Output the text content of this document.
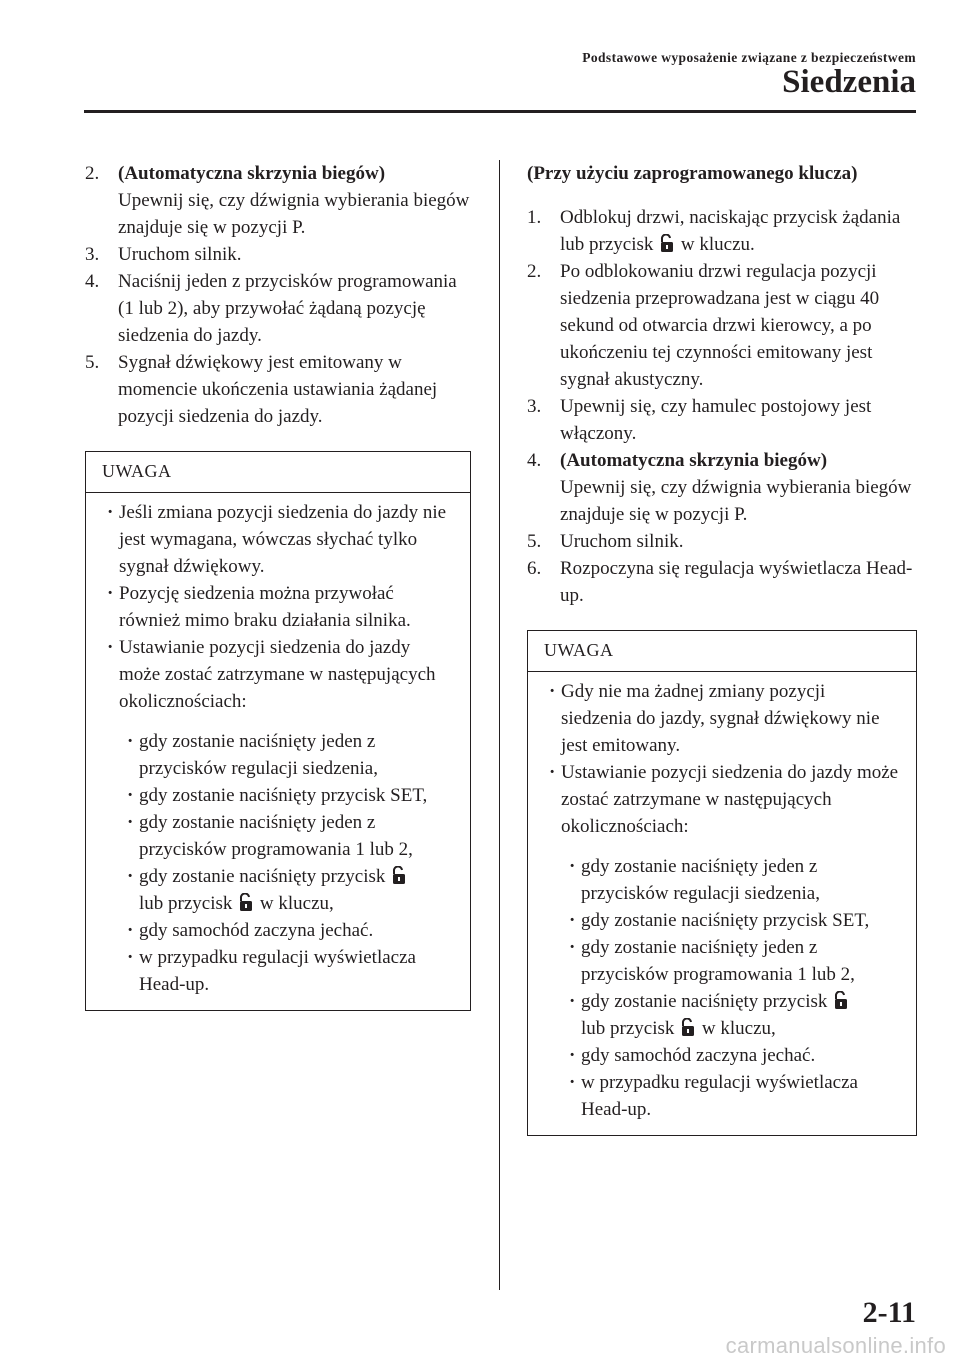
Podstawowe wyposażenie związane z bezpieczeństwem
Siedzenia
2. (Automatyczna skrzynia biegów)
Upewnij się, czy dźwignia wybierania biegów znajduje się w pozycji P.
3. Uruchom silnik.
4. Naciśnij jeden z przycisków programowania (1 lub 2), aby przywołać żądaną pozycję siedzenia do jazdy.
5. Sygnał dźwiękowy jest emitowany w momencie ukończenia ustawiania żądanej pozycji siedzenia do jazdy.
UWAGA
· Jeśli zmiana pozycji siedzenia do jazdy nie jest wymagana, wówczas słychać tylko sygnał dźwiękowy.
· Pozycję siedzenia można przywołać również mimo braku działania silnika.
· Ustawianie pozycji siedzenia do jazdy może zostać zatrzymane w następujących okolicznościach:
· gdy zostanie naciśnięty jeden z przycisków regulacji siedzenia,
· gdy zostanie naciśnięty przycisk SET,
· gdy zostanie naciśnięty jeden z przycisków programowania 1 lub 2,
· gdy zostanie naciśnięty przycisk
lub przycisk w kluczu,
· gdy samochód zaczyna jechać.
· w przypadku regulacji wyświetlacza Head-up.
(Przy użyciu zaprogramowanego klucza)
1. Odblokuj drzwi, naciskając przycisk żądania lub przycisk w kluczu.
2. Po odblokowaniu drzwi regulacja pozycji siedzenia przeprowadzana jest w ciągu 40 sekund od otwarcia drzwi kierowcy, a po ukończeniu tej czynności emitowany jest sygnał akustyczny.
3. Upewnij się, czy hamulec postojowy jest włączony.
4. (Automatyczna skrzynia biegów)
Upewnij się, czy dźwignia wybierania biegów znajduje się w pozycji P.
5. Uruchom silnik.
6. Rozpoczyna się regulacja wyświetlacza Head-up.
UWAGA
· Gdy nie ma żadnej zmiany pozycji siedzenia do jazdy, sygnał dźwiękowy nie jest emitowany.
· Ustawianie pozycji siedzenia do jazdy może zostać zatrzymane w następujących okolicznościach:
· gdy zostanie naciśnięty jeden z przycisków regulacji siedzenia,
· gdy zostanie naciśnięty przycisk SET,
· gdy zostanie naciśnięty jeden z przycisków programowania 1 lub 2,
· gdy zostanie naciśnięty przycisk
lub przycisk w kluczu,
· gdy samochód zaczyna jechać.
· w przypadku regulacji wyświetlacza Head-up.
2-11
carmanualsonline.info
